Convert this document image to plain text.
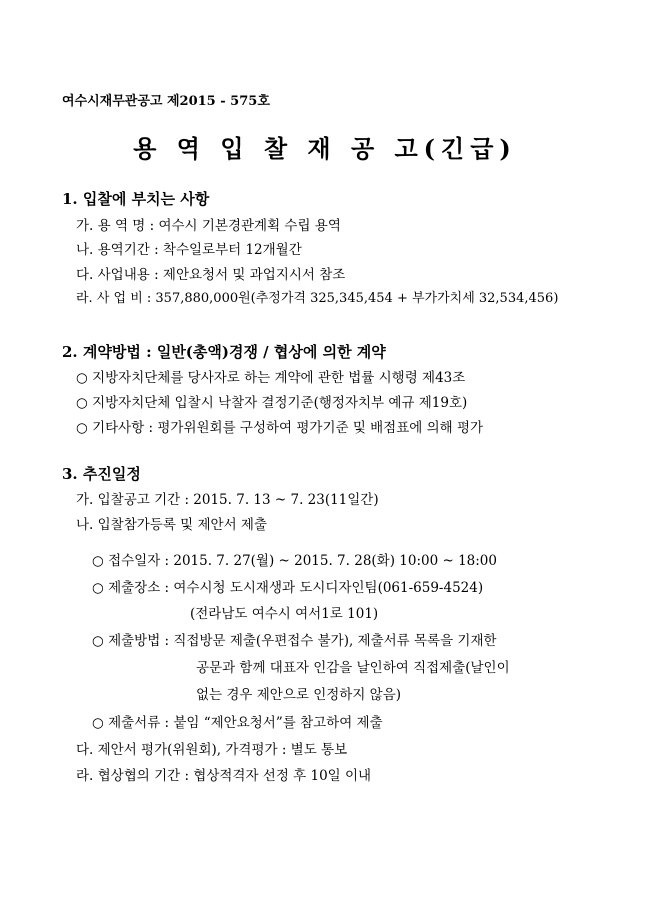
여수시재무관공고 제2015 - 575호
용 역 입 찰 재 공 고(긴급)
1. 입찰에 부치는 사항
가. 용 역 명 : 여수시 기본경관계획 수립 용역
나. 용역기간 : 착수일로부터 12개월간
다. 사업내용 : 제안요청서 및 과업지시서 참조
라. 사 업 비 : 357,880,000원(추정가격 325,345,454 + 부가가치세 32,534,456)
2. 계약방법 : 일반(총액)경쟁 / 협상에 의한 계약
○ 지방자치단체를 당사자로 하는 계약에 관한 법률 시행령 제43조
○ 지방자치단체 입찰시 낙찰자 결정기준(행정자치부 예규 제19호)
○ 기타사항 : 평가위원회를 구성하여 평가기준 및 배점표에 의해 평가
3. 추진일정
가. 입찰공고 기간 : 2015. 7. 13 ~ 7. 23(11일간)
나. 입찰참가등록 및 제안서 제출
○ 접수일자 : 2015. 7. 27(월) ~ 2015. 7. 28(화) 10:00 ~ 18:00
○ 제출장소 : 여수시청 도시재생과 도시디자인팀(061-659-4524)
(전라남도 여수시 여서1로 101)
○ 제출방법 : 직접방문 제출(우편접수 불가), 제출서류 목록을 기재한
공문과 함께 대표자 인감을 날인하여 직접제출(날인이
없는 경우 제안으로 인정하지 않음)
○ 제출서류 : 붙임 “제안요청서”를 참고하여 제출
다. 제안서 평가(위원회), 가격평가 : 별도 통보
라. 협상협의 기간 : 협상적격자 선정 후 10일 이내
